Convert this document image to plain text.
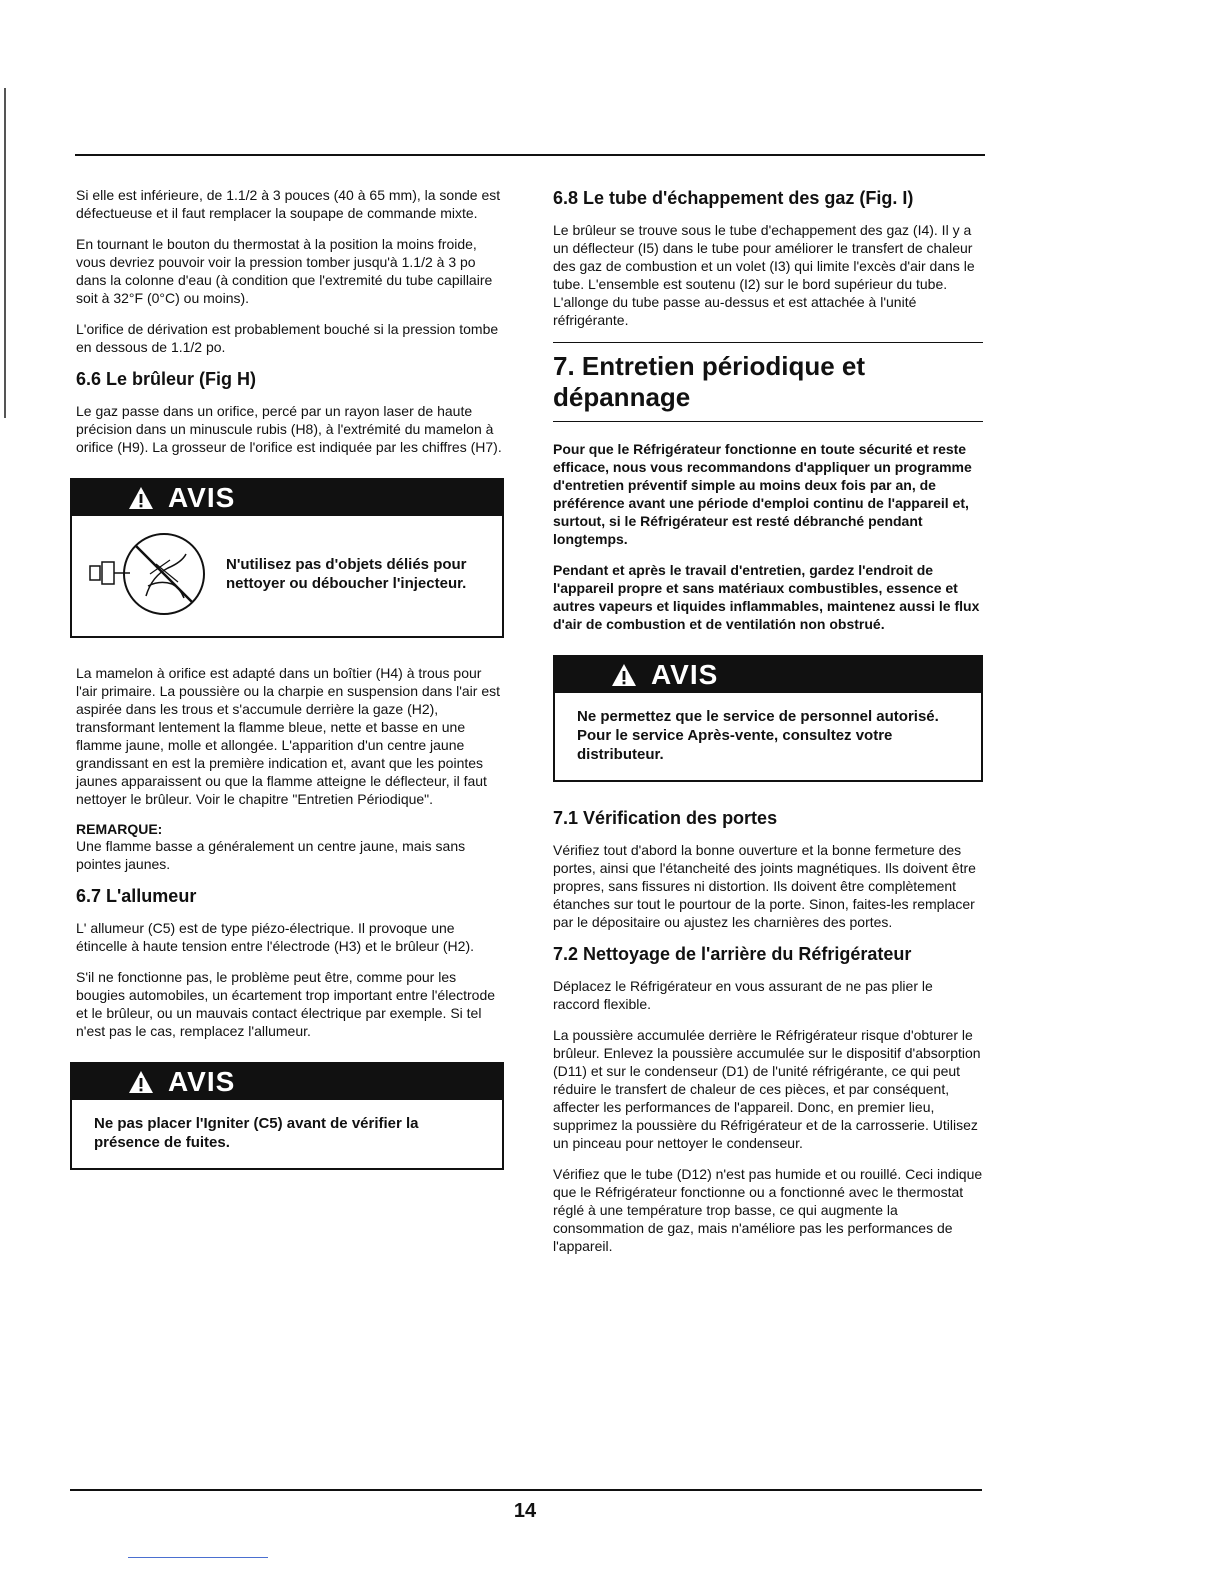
Si elle est inférieure, de 1.1/2 à 3 pouces (40 à 65 mm), la sonde est défectueuse et il faut remplacer la soupape de commande mixte.

En tournant le bouton du thermostat à la position la moins froide, vous devriez pouvoir voir la pression tomber jusqu'à 1.1/2 à 3 po dans la colonne d'eau (à condition que l'extremité du tube capillaire soit à 32°F (0°C) ou moins).

L'orifice de dérivation est probablement bouché si la pression tombe en dessous de 1.1/2 po.

6.6 Le brûleur (Fig H)

Le gaz passe dans un orifice, percé par un rayon laser de haute précision dans un minuscule rubis (H8), à l'extrémité du mamelon à orifice (H9). La grosseur de l'orifice est indiquée par les chiffres (H7).

AVIS
N'utilisez pas d'objets déliés pour nettoyer ou déboucher l'injecteur.

La mamelon à orifice est adapté dans un boîtier (H4) à trous pour l'air primaire. La poussière ou la charpie en suspension dans l'air est aspirée dans les trous et s'accumule derrière la gaze (H2), transformant lentement la flamme bleue, nette et basse en une flamme jaune, molle et allongée. L'apparition d'un centre jaune grandissant en est la première indication et, avant que les pointes jaunes apparaissent ou que la flamme atteigne le déflecteur, il faut nettoyer le brûleur. Voir le chapitre "Entretien Périodique".

REMARQUE:

Une flamme basse a généralement un centre jaune, mais sans pointes jaunes.

6.7 L'allumeur

L' allumeur (C5) est de type piézo-électrique. Il provoque une étincelle à haute tension entre l'électrode (H3) et le brûleur (H2).

S'il ne fonctionne pas, le problème peut être, comme pour les bougies automobiles, un écartement trop important entre l'électrode et le brûleur, ou un mauvais contact électrique par exemple. Si tel n'est pas le cas, remplacez l'allumeur.

AVIS
Ne pas placer l'Igniter (C5) avant de vérifier la présence de fuites.
6.8 Le tube d'échappement des gaz (Fig. I)

Le brûleur se trouve sous le tube d'echappement des gaz (I4). Il y a un déflecteur (I5) dans le tube pour améliorer le transfert de chaleur des gaz de combustion et un volet (I3) qui limite l'excès d'air dans le tube. L'ensemble est soutenu (I2) sur le bord supérieur du tube. L'allonge du tube passe au-dessus et est attachée à l'unité réfrigérante.

7. Entretien périodique et dépannage

Pour que le Réfrigérateur fonctionne en toute sécurité et reste efficace, nous vous recommandons d'appliquer un programme d'entretien préventif simple au moins deux fois par an, de préférence avant une période d'emploi continu de l'appareil et, surtout, si le Réfrigérateur est resté débranché pendant longtemps.

Pendant et après le travail d'entretien, gardez l'endroit de l'appareil propre et sans matériaux combustibles, essence et autres vapeurs et liquides inflammables, maintenez aussi le flux d'air de combustion et de ventilatión non obstrué.

AVIS
Ne permettez que le service de personnel autorisé. Pour le service Après-vente, consultez votre distributeur.
7.1 Vérification des portes

Vérifiez tout d'abord la bonne ouverture et la bonne fermeture des portes, ainsi que l'étancheité des joints magnétiques. Ils doivent être propres, sans fissures ni distortion. Ils doivent être complètement étanches sur tout le pourtour de la porte. Sinon, faites-les remplacer par le dépositaire ou ajustez les charnières des portes.

7.2 Nettoyage de l'arrière du Réfrigérateur

Déplacez le Réfrigérateur en vous assurant de ne pas plier le raccord flexible.

La poussière accumulée derrière le Réfrigérateur risque d'obturer le brûleur. Enlevez la poussière accumulée sur le dispositif d'absorption (D11) et sur le condenseur (D1) de l'unité réfrigérante, ce qui peut réduire le transfert de chaleur de ces pièces, et par conséquent, affecter les performances de l'appareil. Donc, en premier lieu, supprimez la poussière du Réfrigérateur et de la carrosserie. Utilisez un pinceau pour nettoyer le condenseur.

Vérifiez que le tube (D12) n'est pas humide et ou rouillé. Ceci indique que le Réfrigérateur fonctionne ou a fonctionné avec le thermostat réglé à une température trop basse, ce qui augmente la consommation de gaz, mais n'améliore pas les performances de l'appareil.

14
